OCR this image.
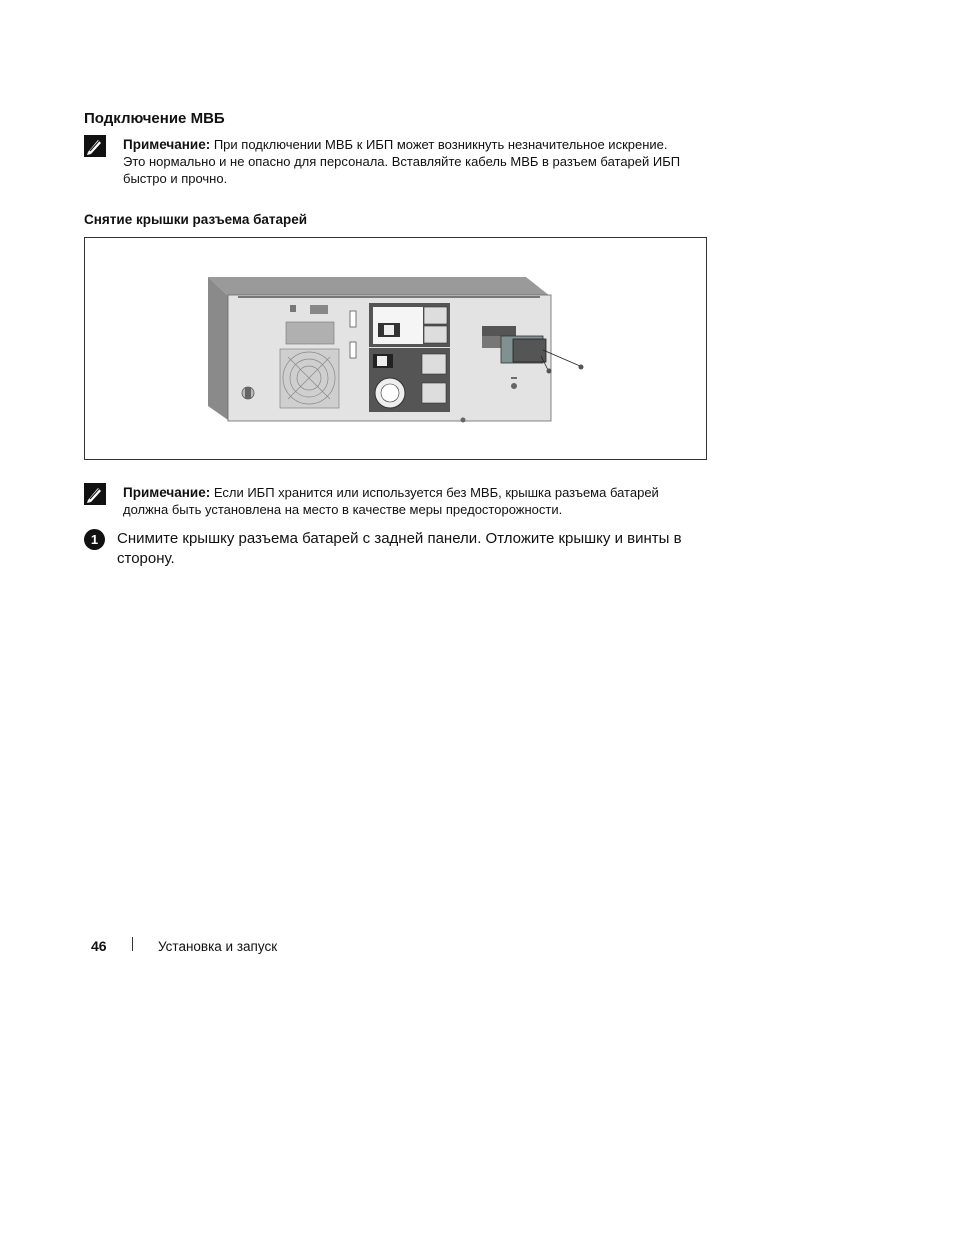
Подключение МВБ
Примечание: При подключении МВБ к ИБП может возникнуть незначительное искрение.
Это нормально и не опасно для персонала. Вставляйте кабель МВБ в разъем батарей ИБП
быстро и прочно.
Снятие крышки разъема батарей
Примечание: Если ИБП хранится или используется без МВБ, крышка разъема батарей
должна быть установлена на место в качестве меры предосторожности.
1	Снимите крышку разъема батарей с задней панели. Отложите крышку и винты в сторону.
46	Установка и запуск
